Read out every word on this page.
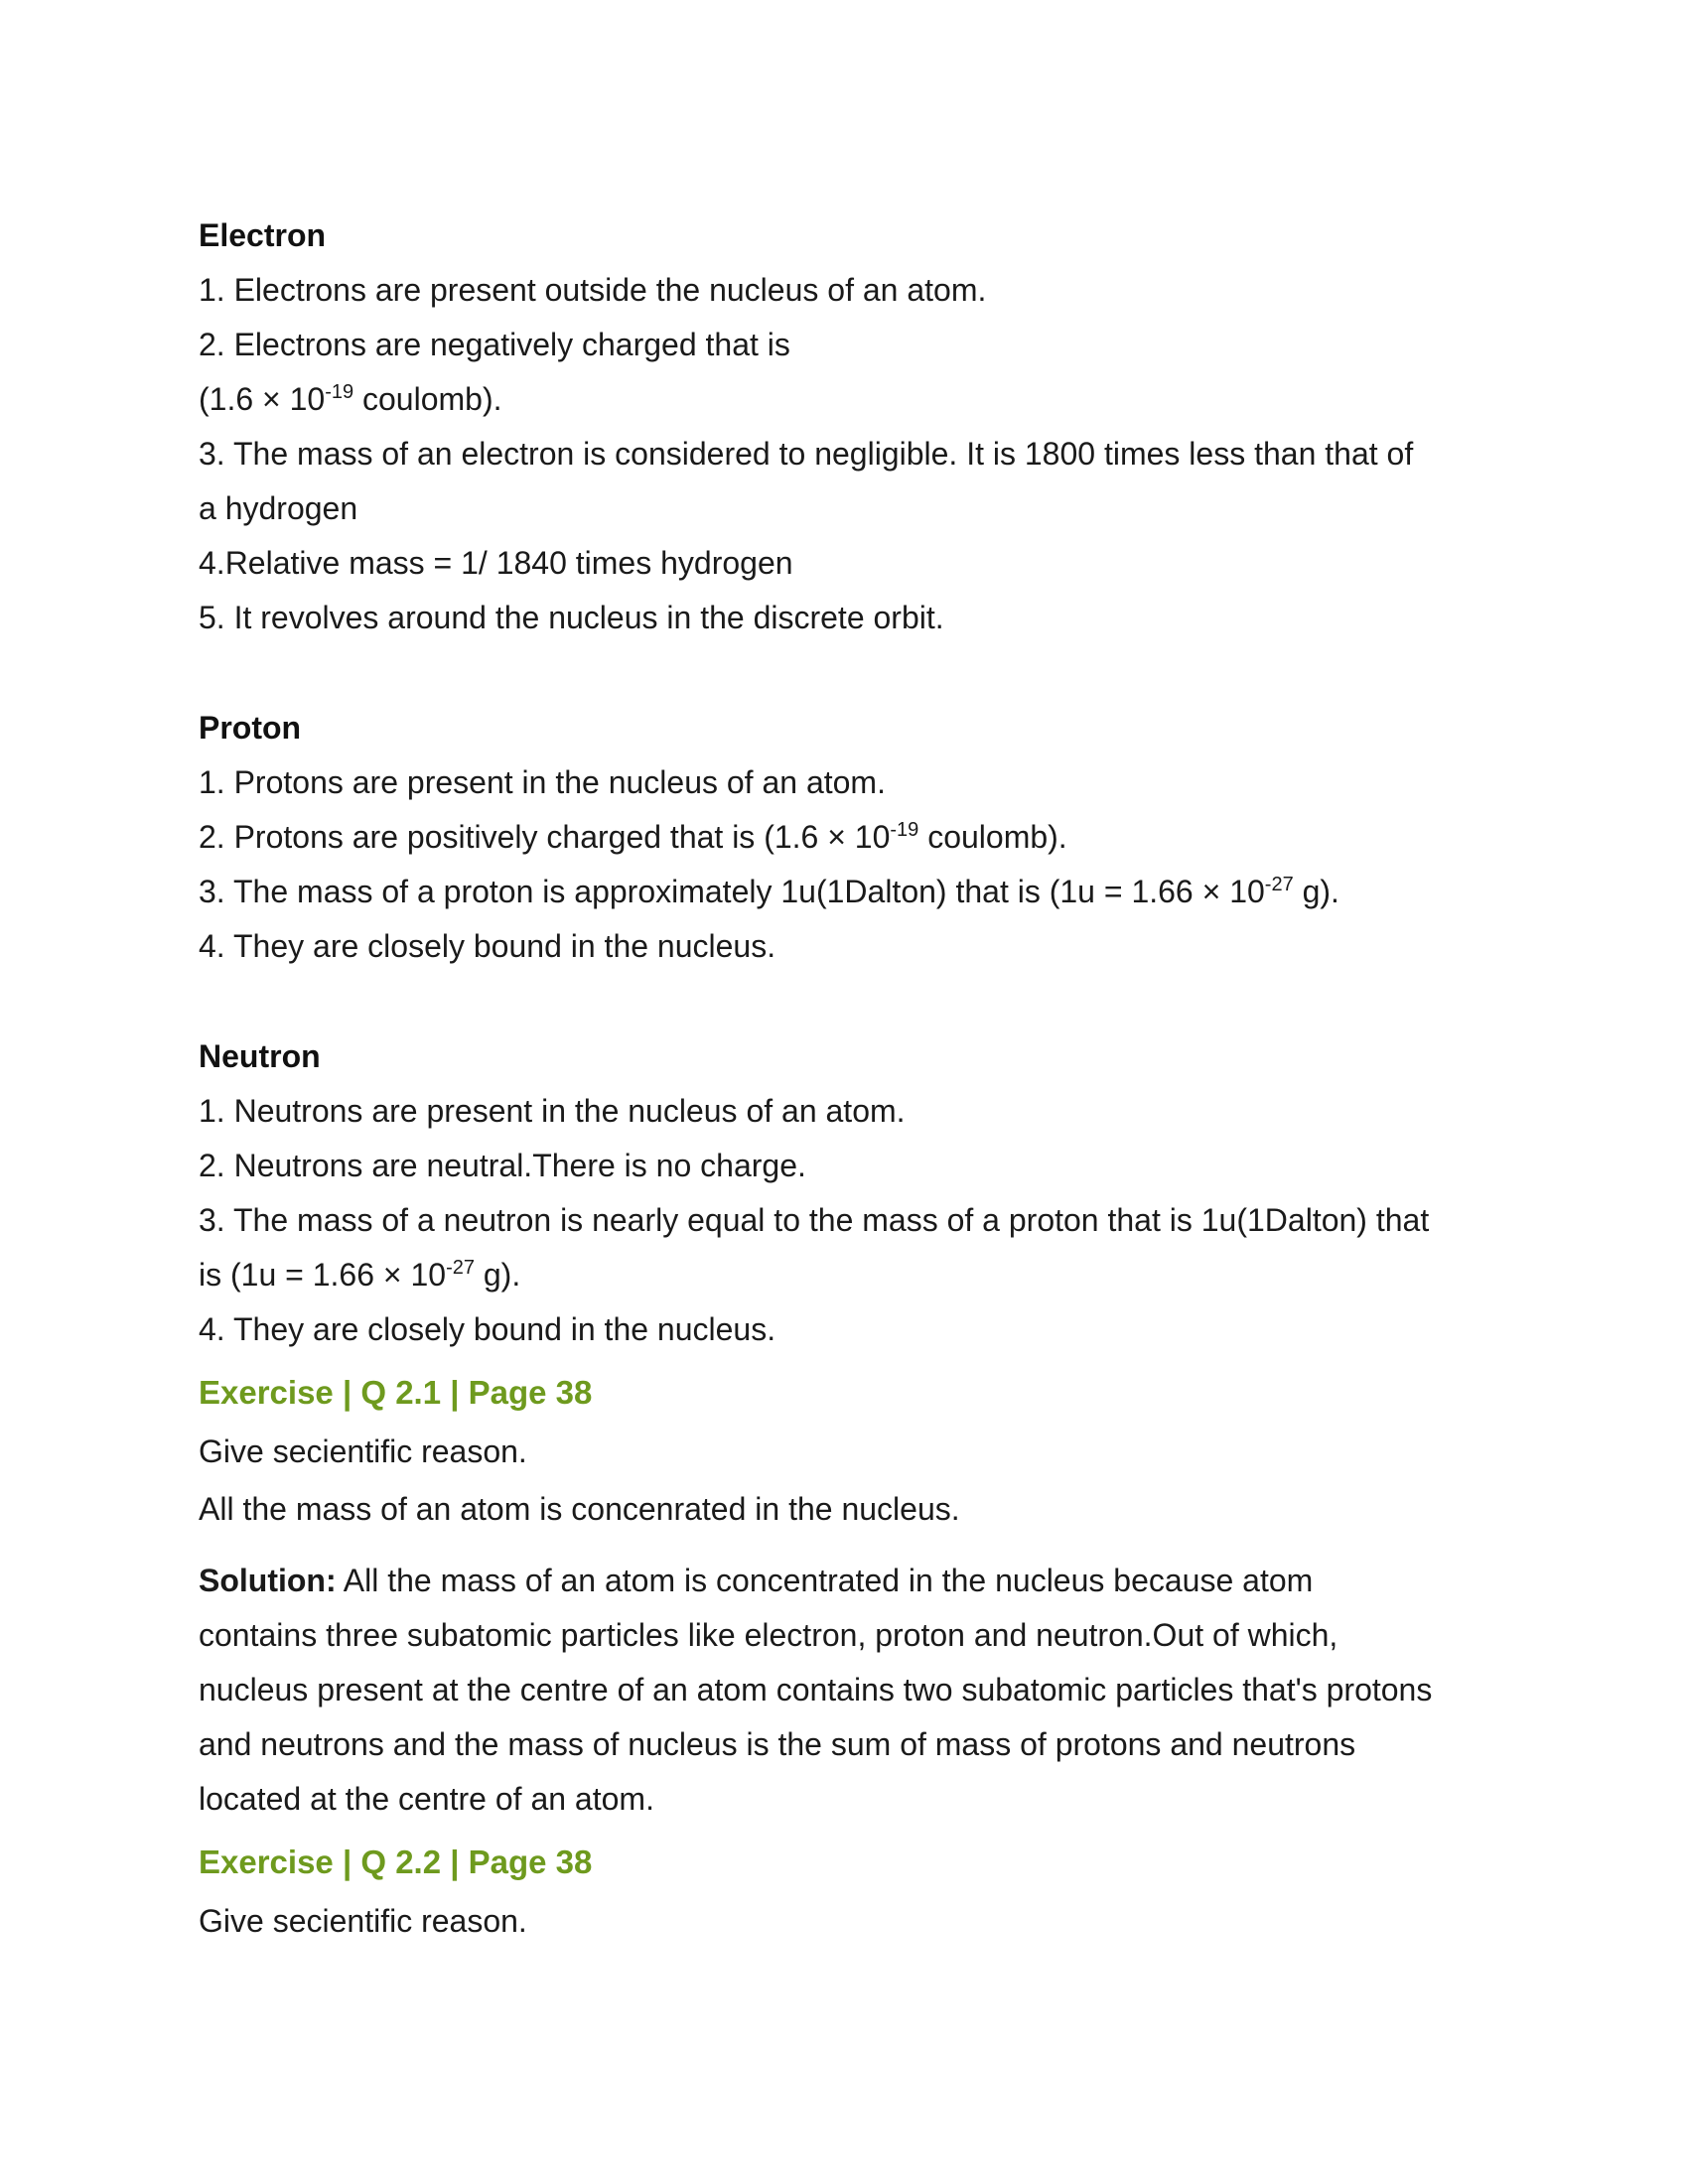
Electron
1. Electrons are present outside the nucleus of an atom.
2. Electrons are negatively charged that is
($1.6 \times 10^{-19}$ coulomb).
3. The mass of an electron is considered to negligible. It is 1800 times less than that of
a hydrogen
4.Relative mass = 1/ 1840 times hydrogen
5. It revolves around the nucleus in the discrete orbit.
Proton
1. Protons are present in the nucleus of an atom.
2. Protons are positively charged that is ($1.6 \times 10^{-19}$ coulomb).
3. The mass of a proton is approximately 1u(1Dalton) that is ($1u = 1.66 \times 10^{-27}$ g).
4. They are closely bound in the nucleus.
Neutron
1. Neutrons are present in the nucleus of an atom.
2. Neutrons are neutral.There is no charge.
3. The mass of a neutron is nearly equal to the mass of a proton that is 1u(1Dalton) that
is ($1u = 1.66 \times 10^{-27}$ g).
4. They are closely bound in the nucleus.
Exercise | Q 2.1 | Page 38
Give secientific reason.
All the mass of an atom is concenrated in the nucleus.
Solution: All the mass of an atom is concentrated in the nucleus because atom
contains three subatomic particles like electron, proton and neutron.Out of which,
nucleus present at the centre of an atom contains two subatomic particles that's protons
and neutrons and the mass of nucleus is the sum of mass of protons and neutrons
located at the centre of an atom.
Exercise | Q 2.2 | Page 38
Give secientific reason.
